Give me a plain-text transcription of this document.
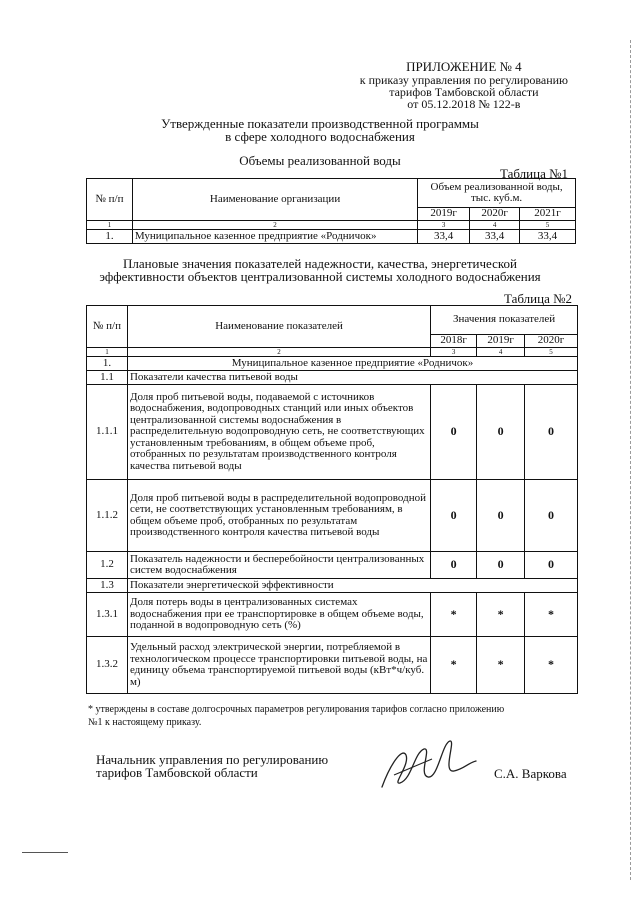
ПРИЛОЖЕНИЕ № 4
к приказу управления по регулированию
тарифов Тамбовской области
от 05.12.2018 № 122-в
Утвержденные показатели производственной программы
в сфере холодного водоснабжения
Объемы реализованной воды
Таблица №1
№ п/п	Наименование организации	Объем реализованной воды, тыс. куб.м.		
		2019г	2020г	2021г
1	2	3	4	5
1.	Муниципальное казенное предприятие «Родничок»	33,4	33,4	33,4
Плановые значения показателей надежности, качества, энергетической
эффективности объектов централизованной системы холодного водоснабжения
Таблица №2
№ п/п	Наименование показателей	Значения показателей		
		2018г	2019г	2020г
1	2	3	4	5
1.	Муниципальное казенное предприятие «Родничок»			
1.1	Показатели качества питьевой воды			
1.1.1	Доля проб питьевой воды, подаваемой с источников водоснабжения, водопроводных станций или иных объектов централизованной системы водоснабжения в распределительную водопроводную сеть, не соответствующих установленным требованиям, в общем объеме проб, отобранных по результатам производственного контроля качества питьевой воды	0	0	0
1.1.2	Доля проб питьевой воды в распределительной водопроводной сети, не соответствующих установленным требованиям, в общем объеме проб, отобранных по результатам производственного контроля качества питьевой воды	0	0	0
1.2	Показатель надежности и бесперебойности централизованных систем водоснабжения	0	0	0
1.3	Показатели энергетической эффективности			
1.3.1	Доля потерь воды в централизованных системах водоснабжения при ее транспортировке в общем объеме воды, поданной в водопроводную сеть (%)	*	*	*
1.3.2	Удельный расход электрической энергии, потребляемой в технологическом процессе транспортировки питьевой воды, на единицу объема транспортируемой питьевой воды (кВт*ч/куб. м)	*	*	*
* утверждены в составе долгосрочных параметров регулирования тарифов согласно приложению
№1 к настоящему приказу.
Начальник управления по регулированию
тарифов Тамбовской области	С.А. Варкова
